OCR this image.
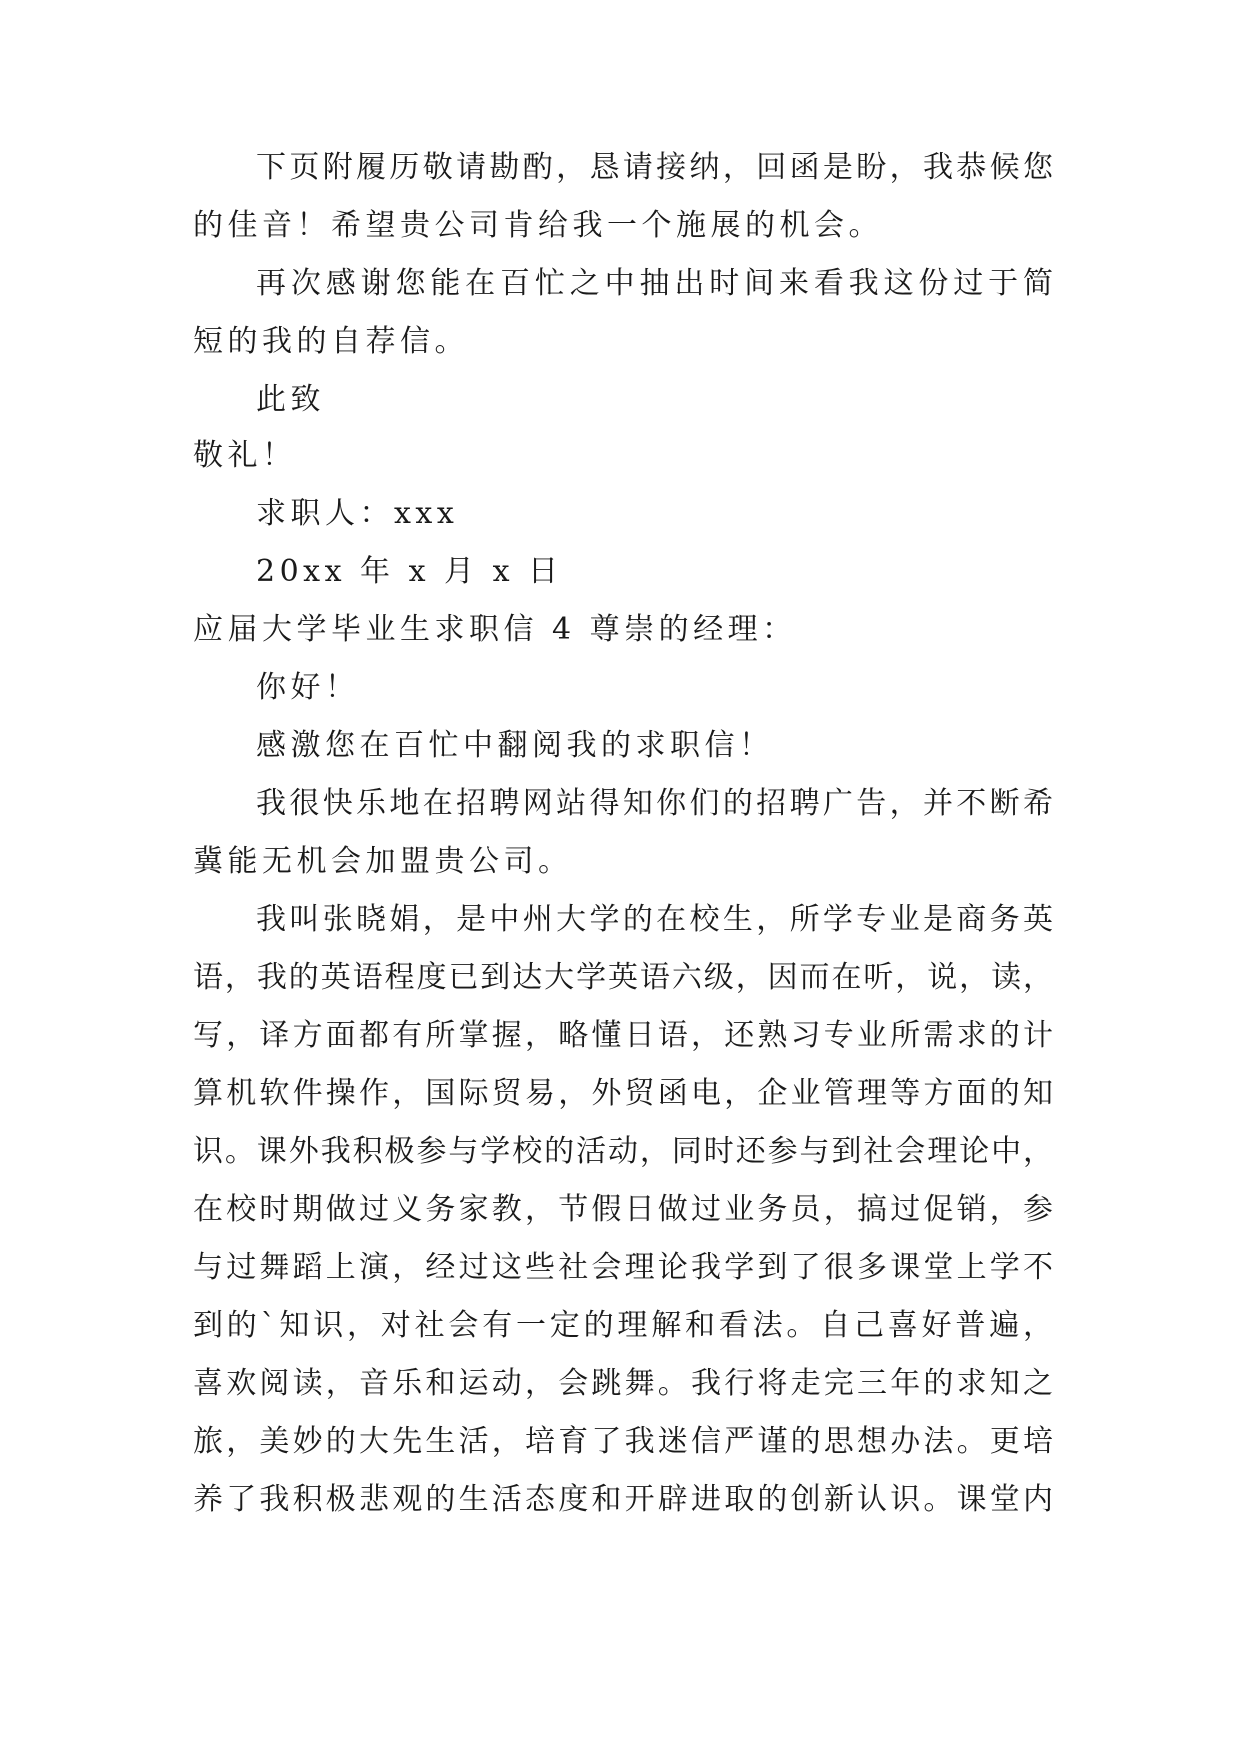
下页附履历敬请勘酌，恳请接纳，回函是盼，我恭候您
的佳音！希望贵公司肯给我一个施展的机会。
再次感谢您能在百忙之中抽出时间来看我这份过于简
短的我的自荐信。
此致
敬礼！
求职人：xxx
20xx 年 x 月 x 日
应届大学毕业生求职信 4 尊崇的经理：
你好！
感激您在百忙中翻阅我的求职信！
我很快乐地在招聘网站得知你们的招聘广告，并不断希
冀能无机会加盟贵公司。
我叫张晓娟，是中州大学的在校生，所学专业是商务英
语，我的英语程度已到达大学英语六级，因而在听，说，读，
写，译方面都有所掌握，略懂日语，还熟习专业所需求的计
算机软件操作，国际贸易，外贸函电，企业管理等方面的知
识。课外我积极参与学校的活动，同时还参与到社会理论中，
在校时期做过义务家教，节假日做过业务员，搞过促销，参
与过舞蹈上演，经过这些社会理论我学到了很多课堂上学不
到的`知识，对社会有一定的理解和看法。自己喜好普遍，
喜欢阅读，音乐和运动，会跳舞。我行将走完三年的求知之
旅，美妙的大先生活，培育了我迷信严谨的思想办法。更培
养了我积极悲观的生活态度和开辟进取的创新认识。课堂内
